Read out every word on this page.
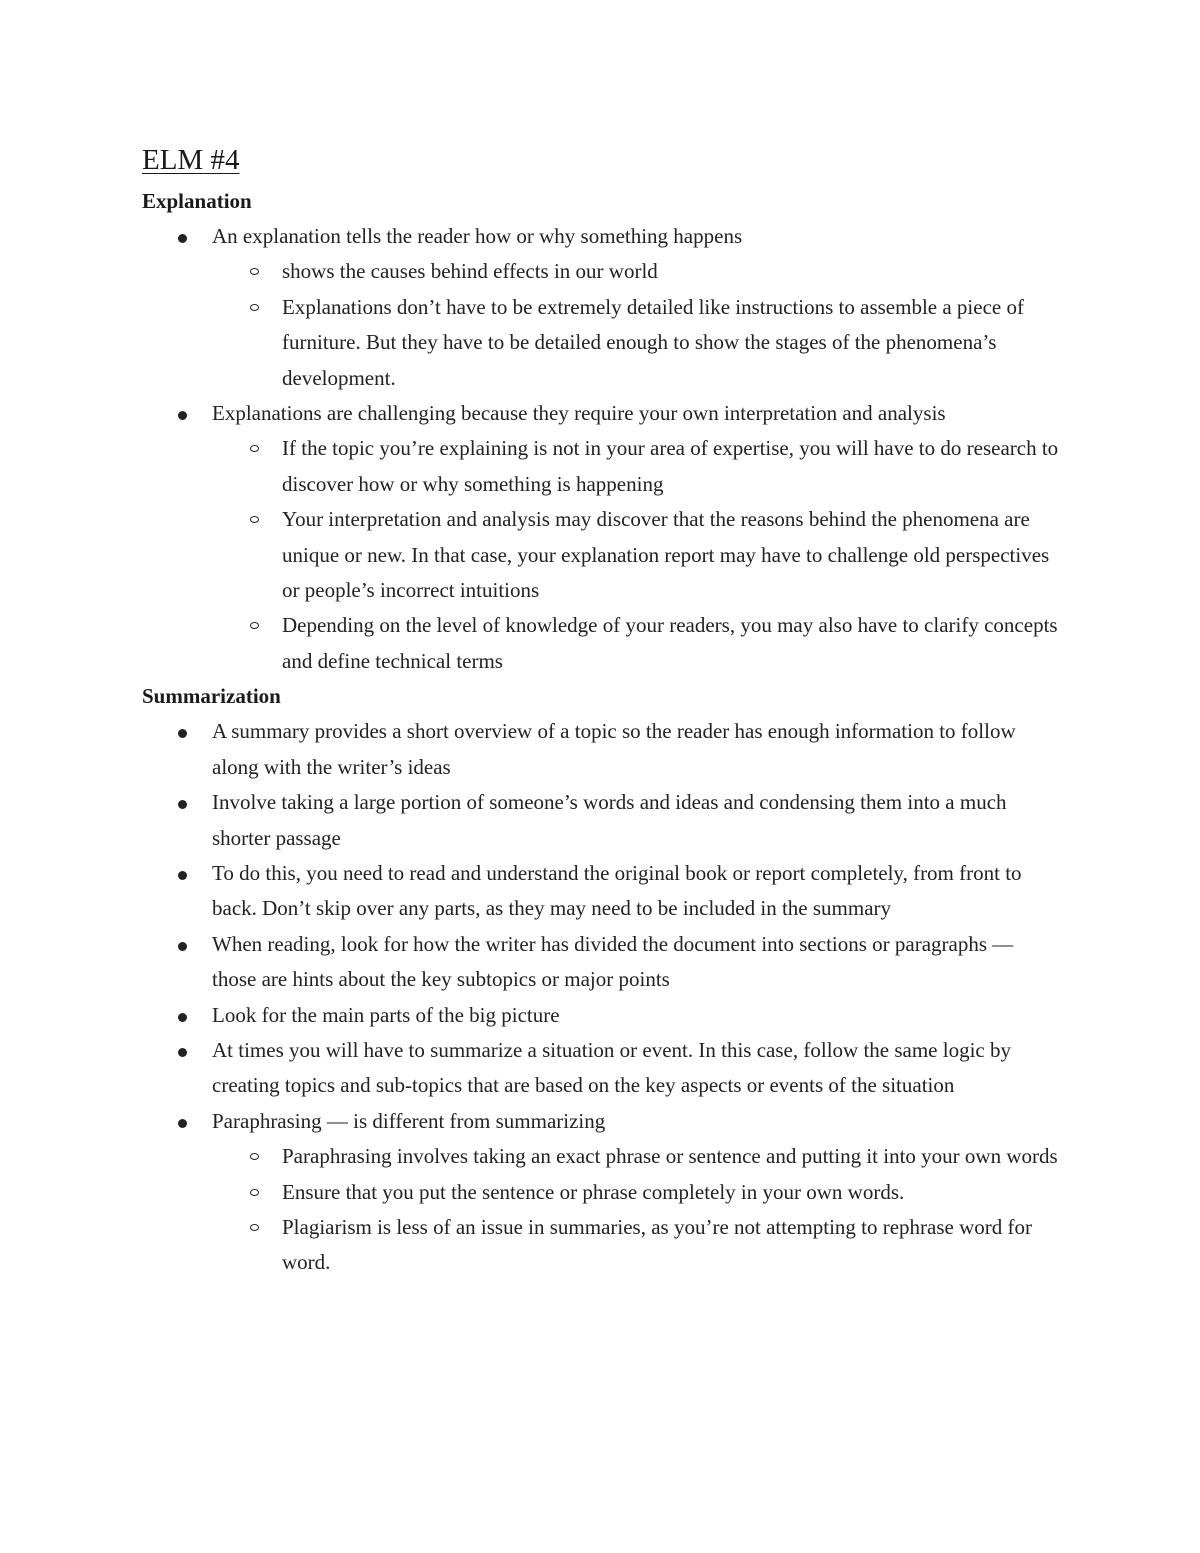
ELM #4
Explanation
An explanation tells the reader how or why something happens
shows the causes behind effects in our world
Explanations don’t have to be extremely detailed like instructions to assemble a piece of furniture. But they have to be detailed enough to show the stages of the phenomena’s development.
Explanations are challenging because they require your own interpretation and analysis
If the topic you’re explaining is not in your area of expertise, you will have to do research to discover how or why something is happening
Your interpretation and analysis may discover that the reasons behind the phenomena are unique or new. In that case, your explanation report may have to challenge old perspectives or people’s incorrect intuitions
Depending on the level of knowledge of your readers, you may also have to clarify concepts and define technical terms
Summarization
A summary provides a short overview of a topic so the reader has enough information to follow along with the writer’s ideas
Involve taking a large portion of someone’s words and ideas and condensing them into a much shorter passage
To do this, you need to read and understand the original book or report completely, from front to back. Don’t skip over any parts, as they may need to be included in the summary
When reading, look for how the writer has divided the document into sections or paragraphs — those are hints about the key subtopics or major points
Look for the main parts of the big picture
At times you will have to summarize a situation or event. In this case, follow the same logic by creating topics and sub-topics that are based on the key aspects or events of the situation
Paraphrasing — is different from summarizing
Paraphrasing involves taking an exact phrase or sentence and putting it into your own words
Ensure that you put the sentence or phrase completely in your own words.
Plagiarism is less of an issue in summaries, as you’re not attempting to rephrase word for word.
